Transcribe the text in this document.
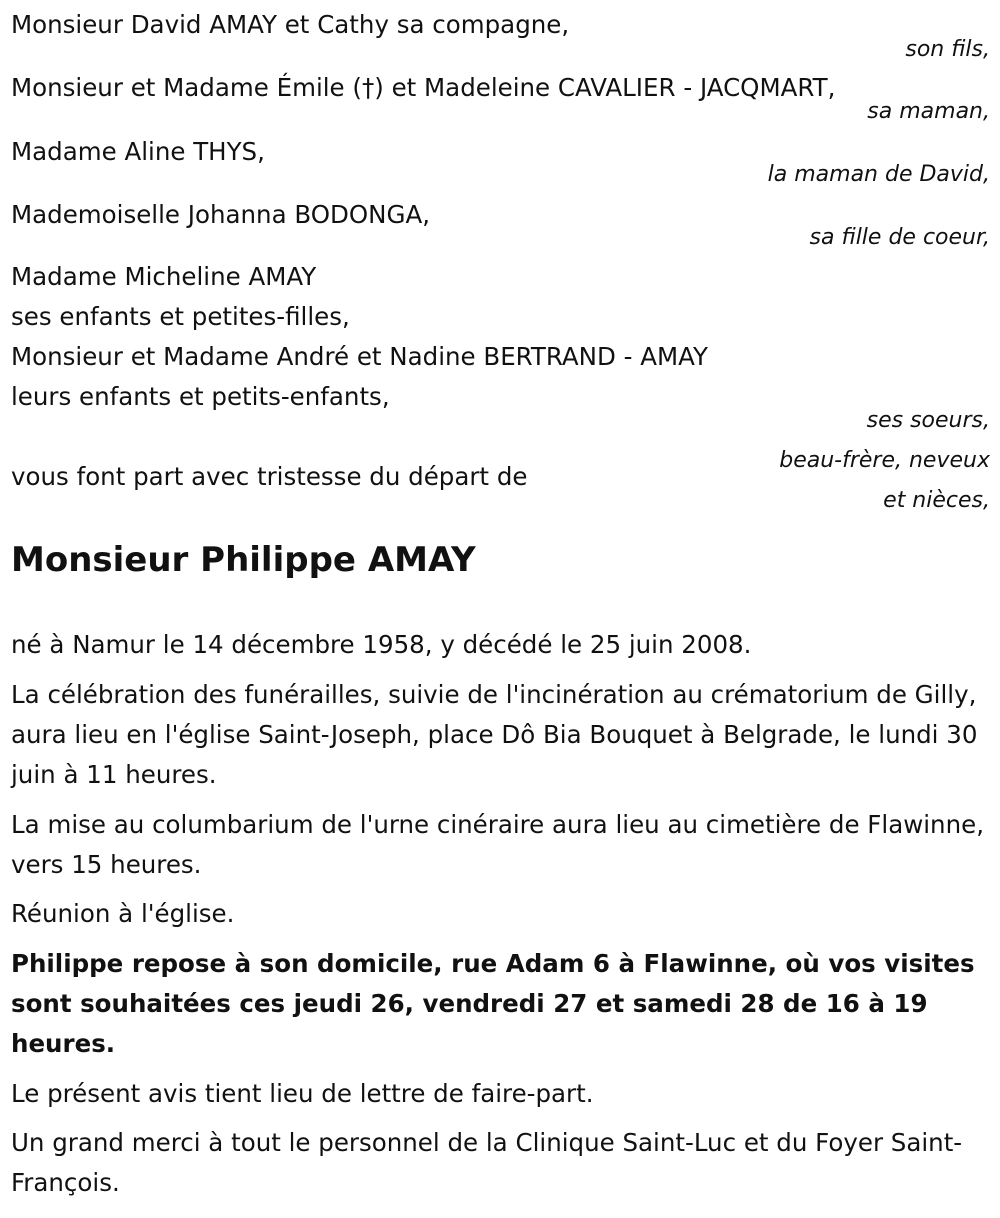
Monsieur David AMAY et Cathy sa compagne,

son fils,

Monsieur et Madame Émile (†) et Madeleine CAVALIER - JACQMART,

sa maman,

Madame Aline THYS,

la maman de David,

Mademoiselle Johanna BODONGA,

sa fille de coeur,

Madame Micheline AMAY

ses enfants et petites-filles,

Monsieur et Madame André et Nadine BERTRAND - AMAY

leurs enfants et petits-enfants,

ses soeurs,
beau-frère, neveux
et nièces,

vous font part avec tristesse du départ de

Monsieur Philippe AMAY

né à Namur le 14 décembre 1958, y décédé le 25 juin 2008.

La célébration des funérailles, suivie de l'incinération au crématorium de Gilly, aura lieu en l'église Saint-Joseph, place Dô Bia Bouquet à Belgrade, le lundi 30 juin à 11 heures.

La mise au columbarium de l'urne cinéraire aura lieu au cimetière de Flawinne, vers 15 heures.

Réunion à l'église.

Philippe repose à son domicile, rue Adam 6 à Flawinne, où vos visites sont souhaitées ces jeudi 26, vendredi 27 et samedi 28 de 16 à 19 heures.

Le présent avis tient lieu de lettre de faire-part.

Un grand merci à tout le personnel de la Clinique Saint-Luc et du Foyer Saint-François.
